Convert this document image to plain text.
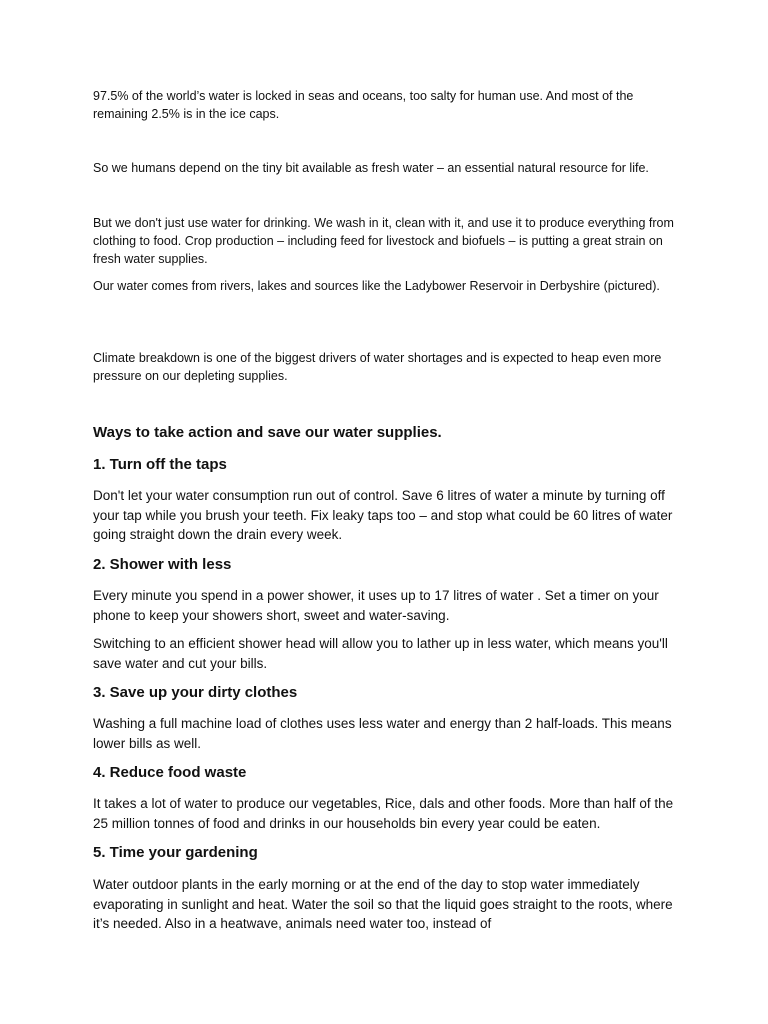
97.5% of the world’s water is locked in seas and oceans, too salty for human use. And most of the remaining 2.5% is in the ice caps.

So we humans depend on the tiny bit available as fresh water – an essential natural resource for life.

But we don't just use water for drinking. We wash in it, clean with it, and use it to produce everything from clothing to food. Crop production – including feed for livestock and biofuels – is putting a great strain on fresh water supplies.

Our water comes from rivers, lakes and sources like the Ladybower Reservoir in Derbyshire (pictured).

Climate breakdown is one of the biggest drivers of water shortages and is expected to heap even more pressure on our depleting supplies.

Ways to take action and save our water supplies.
1. Turn off the taps

Don't let your water consumption run out of control. Save 6 litres of water a minute by turning off your tap while you brush your teeth. Fix leaky taps too – and stop what could be 60 litres of water going straight down the drain every week.

2. Shower with less

Every minute you spend in a power shower, it uses up to 17 litres of water . Set a timer on your phone to keep your showers short, sweet and water-saving.

Switching to an efficient shower head will allow you to lather up in less water, which means you'll save water and cut your bills.

3. Save up your dirty clothes

Washing a full machine load of clothes uses less water and energy than 2 half-loads. This means lower bills as well.

4. Reduce food waste

It takes a lot of water to produce our vegetables, Rice, dals and other foods. More than half of the 25 million tonnes of food and drinks in our households bin every year could be eaten.

5. Time your gardening

Water outdoor plants in the early morning or at the end of the day to stop water immediately evaporating in sunlight and heat. Water the soil so that the liquid goes straight to the roots, where it’s needed. Also in a heatwave, animals need water too, instead of
